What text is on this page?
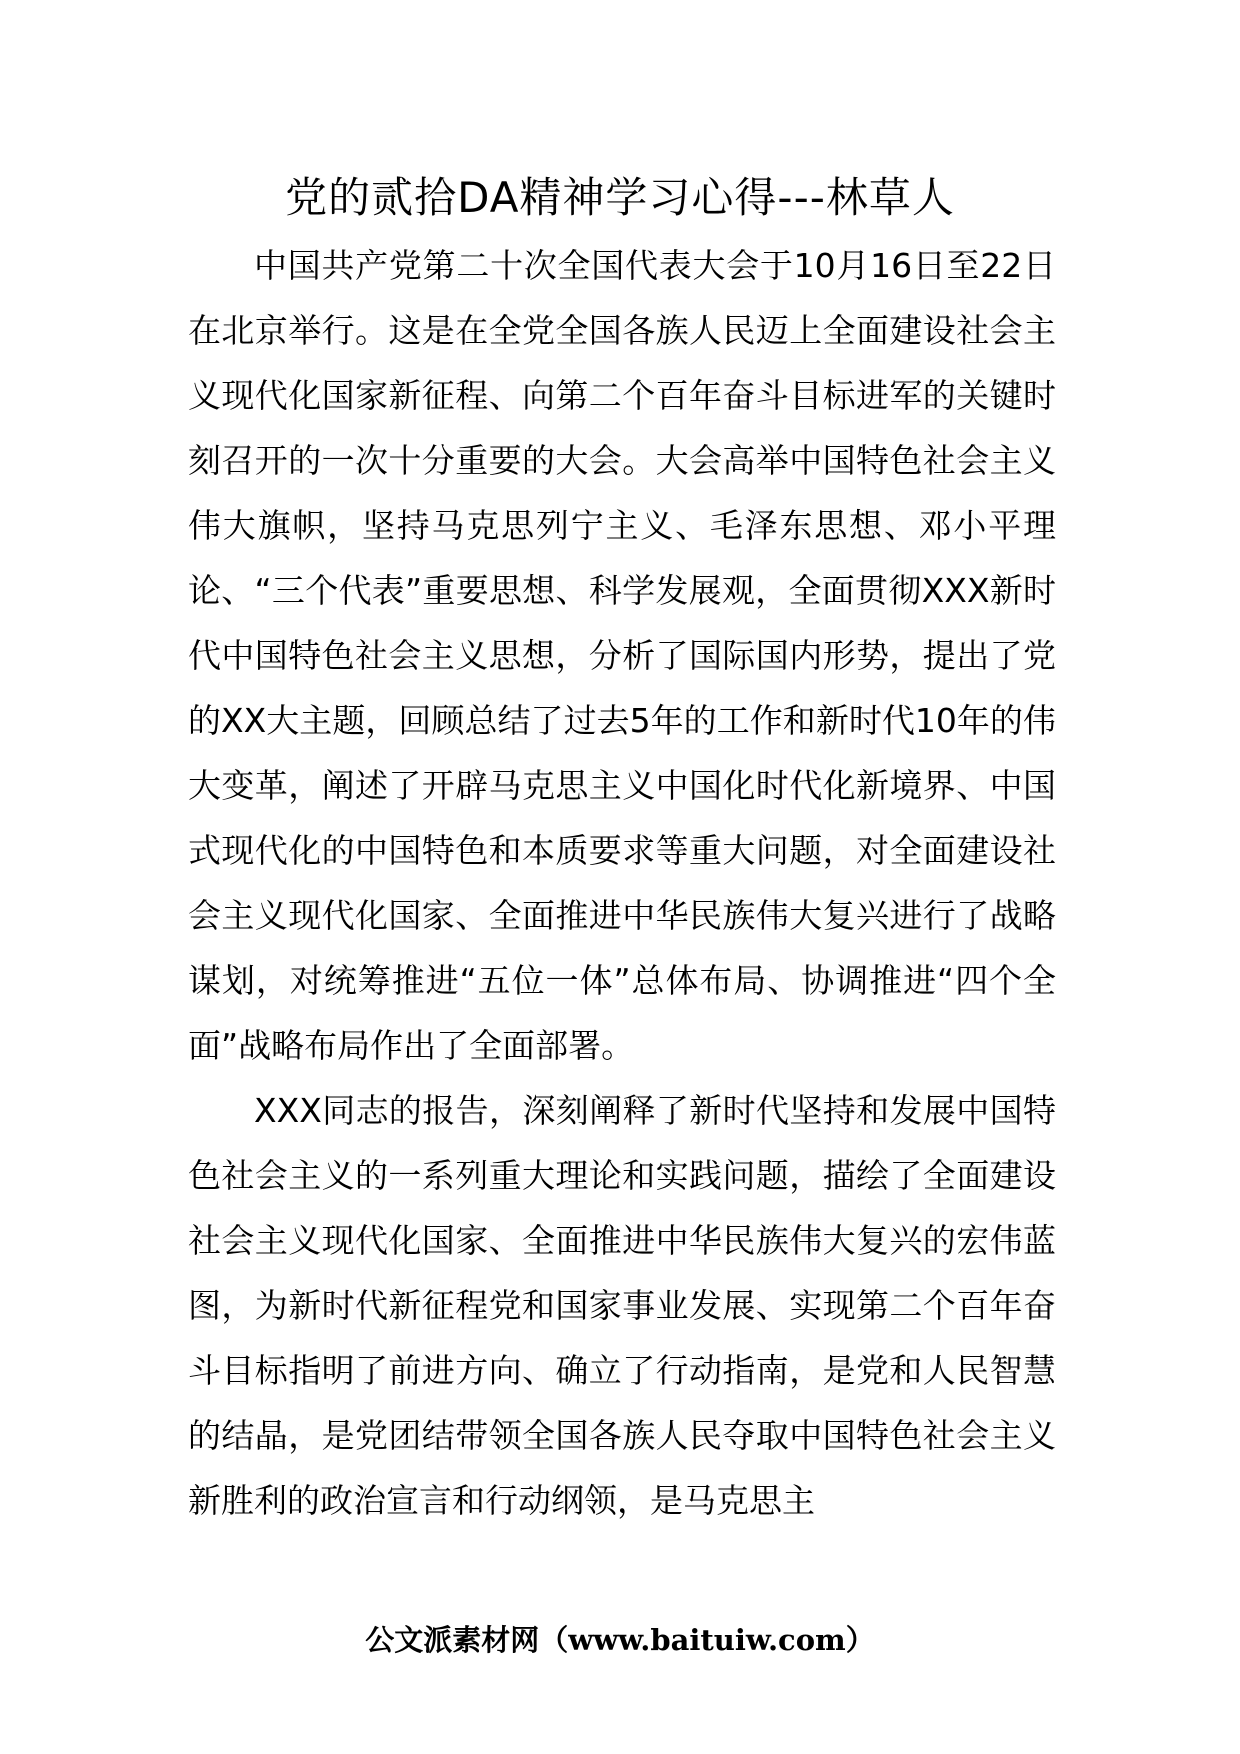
党的贰拾DA精神学习心得---林草人

中国共产党第二十次全国代表大会于10月16日至22日在北京举行。这是在全党全国各族人民迈上全面建设社会主义现代化国家新征程、向第二个百年奋斗目标进军的关键时刻召开的一次十分重要的大会。大会高举中国特色社会主义伟大旗帜，坚持马克思列宁主义、毛泽东思想、邓小平理论、“三个代表”重要思想、科学发展观，全面贯彻XXX新时代中国特色社会主义思想，分析了国际国内形势，提出了党的XX大主题，回顾总结了过去5年的工作和新时代10年的伟大变革，阐述了开辟马克思主义中国化时代化新境界、中国式现代化的中国特色和本质要求等重大问题，对全面建设社会主义现代化国家、全面推进中华民族伟大复兴进行了战略谋划，对统筹推进“五位一体”总体布局、协调推进“四个全面”战略布局作出了全面部署。

XXX同志的报告，深刻阐释了新时代坚持和发展中国特色社会主义的一系列重大理论和实践问题，描绘了全面建设社会主义现代化国家、全面推进中华民族伟大复兴的宏伟蓝图，为新时代新征程党和国家事业发展、实现第二个百年奋斗目标指明了前进方向、确立了行动指南，是党和人民智慧的结晶，是党团结带领全国各族人民夺取中国特色社会主义新胜利的政治宣言和行动纲领，是马克思主

公文派素材网（www.baituiw.com）
